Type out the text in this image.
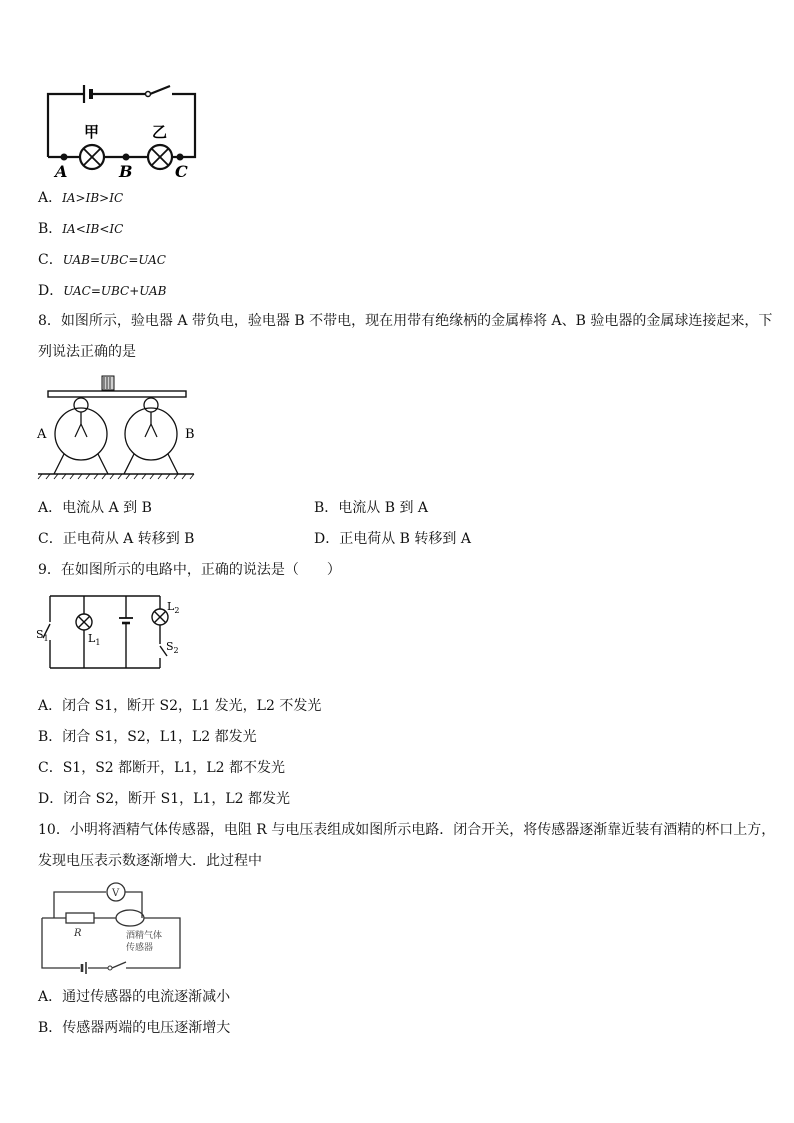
甲	乙
A	B	C
A．IA>IB>IC
B．IA<IB<IC
C．UAB=UBC=UAC
D．UAC=UBC+UAB
8．如图所示，验电器 A 带负电，验电器 B 不带电，现在用带有绝缘柄的金属棒将 A、B 验电器的金属球连接起来，下
列说法正确的是
A	B
A．电流从 A 到 B	B．电流从 B 到 A
C．正电荷从 A 转移到 B	D．正电荷从 B 转移到 A
9．在如图所示的电路中，正确的说法是（　　）
$S_1$	$L_1$
$L_2$
$S_2$
A．闭合 S1，断开 S2，L1 发光，L2 不发光
B．闭合 S1，S2，L1，L2 都发光
C．S1，S2 都断开，L1，L2 都不发光
D．闭合 S2，断开 S1，L1，L2 都发光
10．小明将酒精气体传感器，电阻 R 与电压表组成如图所示电路．闭合开关，将传感器逐渐靠近装有酒精的杯口上方，
发现电压表示数逐渐增大．此过程中
V
R	酒精气体
传感器
A．通过传感器的电流逐渐减小
B．传感器两端的电压逐渐增大
